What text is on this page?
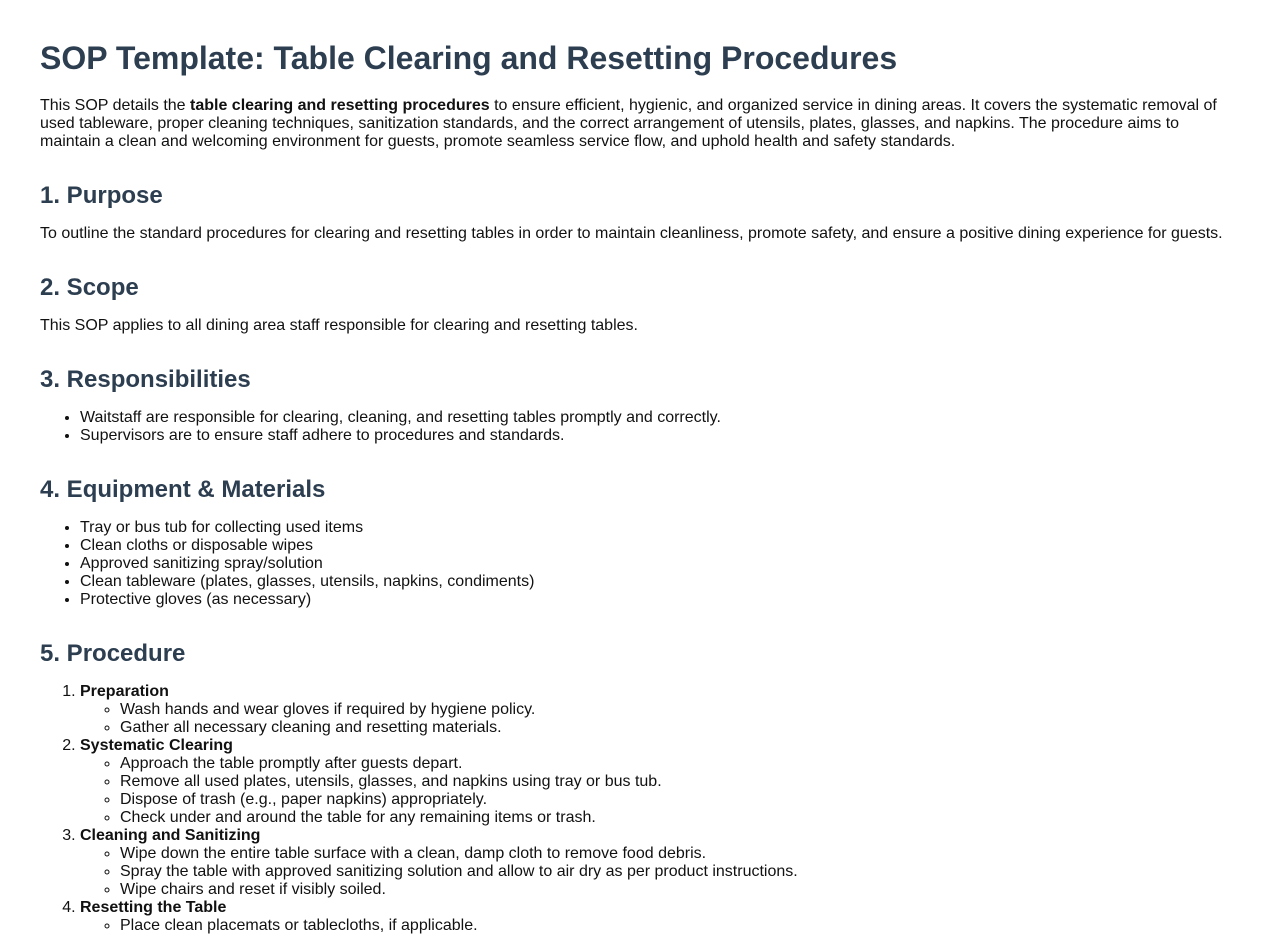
SOP Template: Table Clearing and Resetting Procedures

This SOP details the table clearing and resetting procedures to ensure efficient, hygienic, and organized service in dining areas. It covers the systematic removal of used tableware, proper cleaning techniques, sanitization standards, and the correct arrangement of utensils, plates, glasses, and napkins. The procedure aims to maintain a clean and welcoming environment for guests, promote seamless service flow, and uphold health and safety standards.

1. Purpose

To outline the standard procedures for clearing and resetting tables in order to maintain cleanliness, promote safety, and ensure a positive dining experience for guests.

2. Scope

This SOP applies to all dining area staff responsible for clearing and resetting tables.

3. Responsibilities
• Waitstaff are responsible for clearing, cleaning, and resetting tables promptly and correctly.
• Supervisors are to ensure staff adhere to procedures and standards.
4. Equipment & Materials
• Tray or bus tub for collecting used items
• Clean cloths or disposable wipes
• Approved sanitizing spray/solution
• Clean tableware (plates, glasses, utensils, napkins, condiments)
• Protective gloves (as necessary)
5. Procedure
1. Preparation
◦ Wash hands and wear gloves if required by hygiene policy.
◦ Gather all necessary cleaning and resetting materials.
2. Systematic Clearing
◦ Approach the table promptly after guests depart.
◦ Remove all used plates, utensils, glasses, and napkins using tray or bus tub.
◦ Dispose of trash (e.g., paper napkins) appropriately.
◦ Check under and around the table for any remaining items or trash.
3. Cleaning and Sanitizing
◦ Wipe down the entire table surface with a clean, damp cloth to remove food debris.
◦ Spray the table with approved sanitizing solution and allow to air dry as per product instructions.
◦ Wipe chairs and reset if visibly soiled.
4. Resetting the Table
◦ Place clean placemats or tablecloths, if applicable.
